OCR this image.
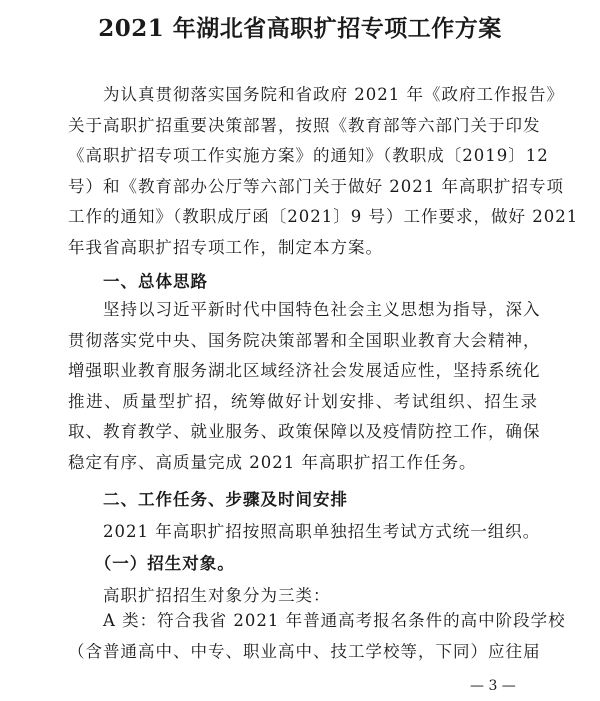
2021 年湖北省高职扩招专项工作方案
　　为认真贯彻落实国务院和省政府 2021 年《政府工作报告》
关于高职扩招重要决策部署，按照《教育部等六部门关于印发
《高职扩招专项工作实施方案》的通知》（教职成〔2019〕12
号）和《教育部办公厅等六部门关于做好 2021 年高职扩招专项
工作的通知》（教职成厅函〔2021〕9 号）工作要求，做好 2021
年我省高职扩招专项工作，制定本方案。
　　一、总体思路
　　坚持以习近平新时代中国特色社会主义思想为指导，深入
贯彻落实党中央、国务院决策部署和全国职业教育大会精神，
增强职业教育服务湖北区域经济社会发展适应性，坚持系统化
推进、质量型扩招，统筹做好计划安排、考试组织、招生录
取、教育教学、就业服务、政策保障以及疫情防控工作，确保
稳定有序、高质量完成 2021 年高职扩招工作任务。
　　二、工作任务、步骤及时间安排
　　2021 年高职扩招按照高职单独招生考试方式统一组织。
　　（一）招生对象。
　　高职扩招招生对象分为三类：
　　A 类：符合我省 2021 年普通高考报名条件的高中阶段学校
（含普通高中、中专、职业高中、技工学校等，下同）应往届
— 3 —
